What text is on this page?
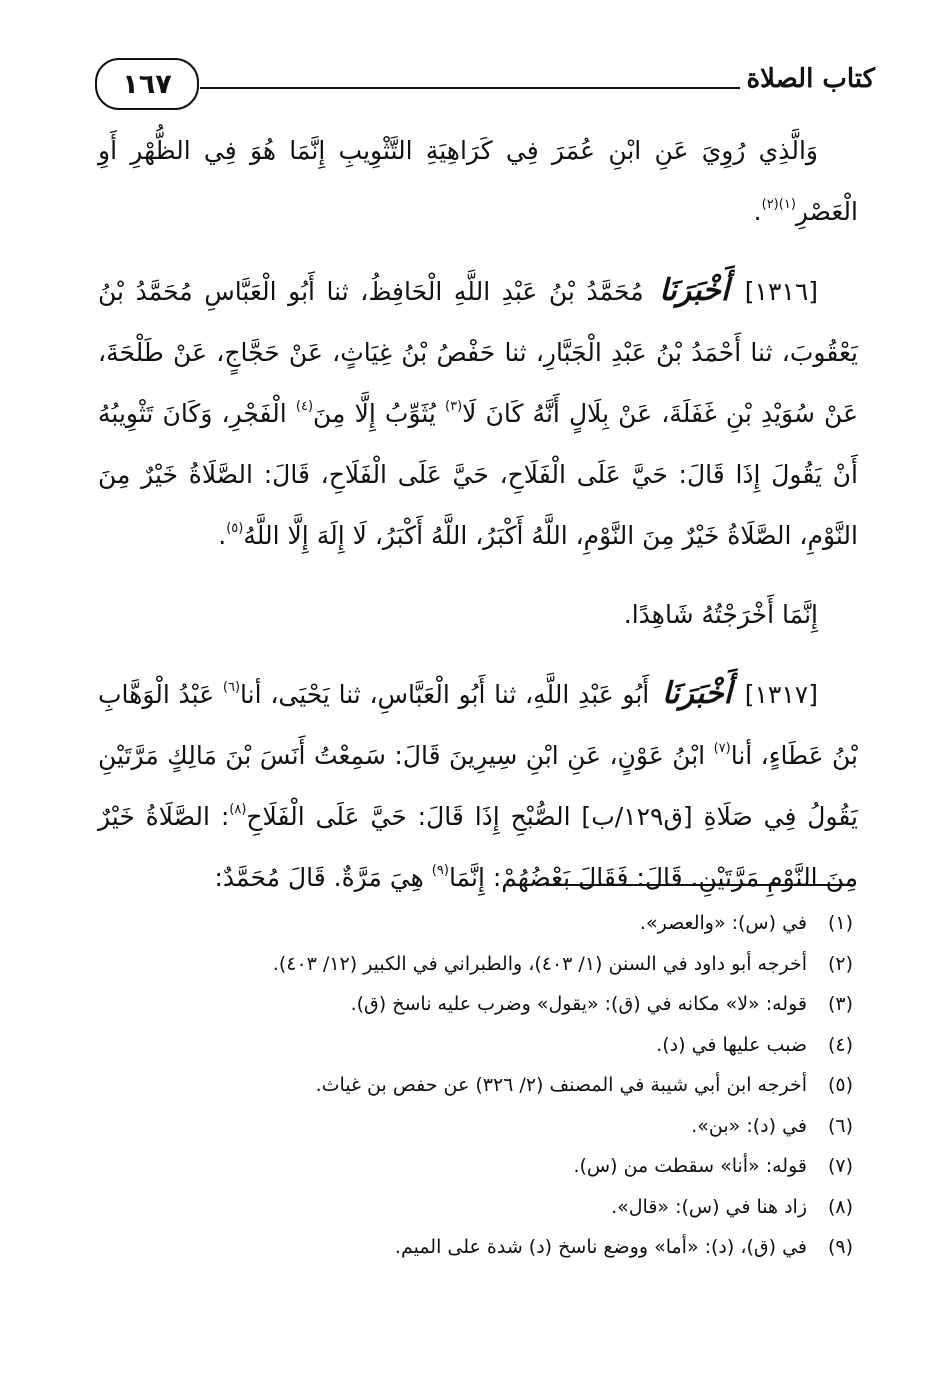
١٦٧	كتاب الصلاة

وَالَّذِي رُوِيَ عَنِ ابْنِ عُمَرَ فِي كَرَاهِيَةِ التَّثْوِيبِ إِنَّمَا هُوَ فِي الظُّهْرِ أَوِ الْعَصْرِ$^{(١)(٢)}$.

[١٣١٦] أَخْبَرَنَا مُحَمَّدُ بْنُ عَبْدِ اللَّهِ الْحَافِظُ، ثنا أَبُو الْعَبَّاسِ مُحَمَّدُ بْنُ يَعْقُوبَ، ثنا أَحْمَدُ بْنُ عَبْدِ الْجَبَّارِ، ثنا حَفْصُ بْنُ غِيَاثٍ، عَنْ حَجَّاجٍ، عَنْ طَلْحَةَ، عَنْ سُوَيْدِ بْنِ غَفَلَةَ، عَنْ بِلَالٍ أَنَّهُ كَانَ لَا$^{(٣)}$ يُثَوِّبُ إِلَّا مِنَ$^{(٤)}$ الْفَجْرِ، وَكَانَ تَثْوِيبُهُ أَنْ يَقُولَ إِذَا قَالَ: حَيَّ عَلَى الْفَلَاحِ، حَيَّ عَلَى الْفَلَاحِ، قَالَ: الصَّلَاةُ خَيْرٌ مِنَ النَّوْمِ، الصَّلَاةُ خَيْرٌ مِنَ النَّوْمِ، اللَّهُ أَكْبَرُ، اللَّهُ أَكْبَرُ، لَا إِلَهَ إِلَّا اللَّهُ$^{(٥)}$.

إِنَّمَا أَخْرَجْتُهُ شَاهِدًا.

[١٣١٧] أَخْبَرَنَا أَبُو عَبْدِ اللَّهِ، ثنا أَبُو الْعَبَّاسِ، ثنا يَحْيَى، أنا$^{(٦)}$ عَبْدُ الْوَهَّابِ بْنُ عَطَاءٍ، أنا$^{(٧)}$ ابْنُ عَوْنٍ، عَنِ ابْنِ سِيرِينَ قَالَ: سَمِعْتُ أَنَسَ بْنَ مَالِكٍ مَرَّتَيْنِ يَقُولُ فِي صَلَاةِ [ق١٢٩/ب] الصُّبْحِ إِذَا قَالَ: حَيَّ عَلَى الْفَلَاحِ$^{(٨)}$: الصَّلَاةُ خَيْرٌ مِنَ النَّوْمِ مَرَّتَيْنِ. قَالَ: فَقَالَ بَعْضُهُمْ: إِنَّمَا$^{(٩)}$ هِيَ مَرَّةٌ. قَالَ مُحَمَّدٌ:

(١)في (س): «والعصر».
(٢)أخرجه أبو داود في السنن (١/ ٤٠٣)، والطبراني في الكبير (١٢/ ٤٠٣).
(٣)قوله: «لا» مكانه في (ق): «يقول» وضرب عليه ناسخ (ق).
(٤)ضبب عليها في (د).
(٥)أخرجه ابن أبي شيبة في المصنف (٢/ ٣٢٦) عن حفص بن غياث.
(٦)في (د): «بن».
(٧)قوله: «أنا» سقطت من (س).
(٨)زاد هنا في (س): «قال».
(٩)في (ق)، (د): «أما» ووضع ناسخ (د) شدة على الميم.
